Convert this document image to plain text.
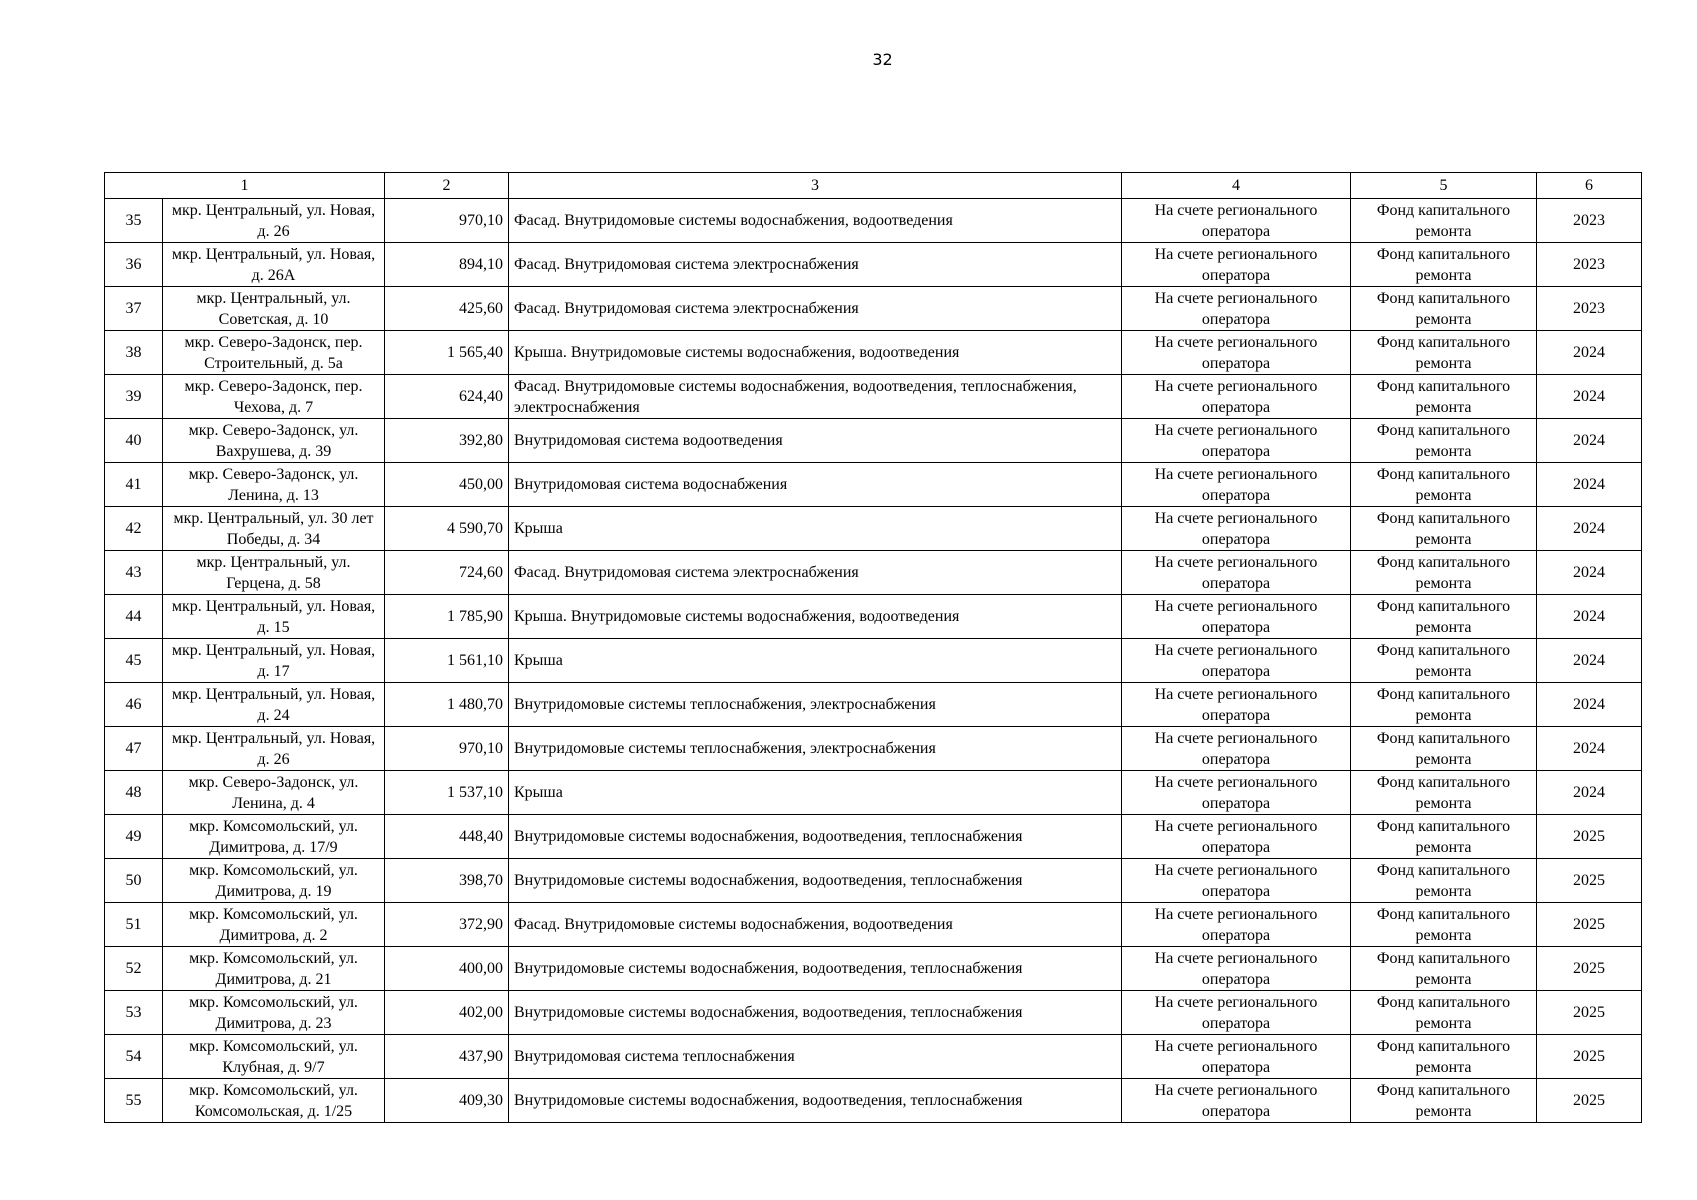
32
1		2	3	4	5	6
35	мкр. Центральный, ул. Новая, д. 26	970,10	Фасад. Внутридомовые системы водоснабжения, водоотведения	На счете регионального оператора	Фонд капитального ремонта	2023
36	мкр. Центральный, ул. Новая, д. 26А	894,10	Фасад. Внутридомовая система электроснабжения	На счете регионального оператора	Фонд капитального ремонта	2023
37	мкр. Центральный, ул. Советская, д. 10	425,60	Фасад. Внутридомовая система электроснабжения	На счете регионального оператора	Фонд капитального ремонта	2023
38	мкр. Северо-Задонск, пер. Строительный, д. 5а	1 565,40	Крыша. Внутридомовые системы водоснабжения, водоотведения	На счете регионального оператора	Фонд капитального ремонта	2024
39	мкр. Северо-Задонск, пер. Чехова, д. 7	624,40	Фасад. Внутридомовые системы водоснабжения, водоотведения, теплоснабжения, электроснабжения	На счете регионального оператора	Фонд капитального ремонта	2024
40	мкр. Северо-Задонск, ул. Вахрушева, д. 39	392,80	Внутридомовая система водоотведения	На счете регионального оператора	Фонд капитального ремонта	2024
41	мкр. Северо-Задонск, ул. Ленина, д. 13	450,00	Внутридомовая система водоснабжения	На счете регионального оператора	Фонд капитального ремонта	2024
42	мкр. Центральный, ул. 30 лет Победы, д. 34	4 590,70	Крыша	На счете регионального оператора	Фонд капитального ремонта	2024
43	мкр. Центральный, ул. Герцена, д. 58	724,60	Фасад. Внутридомовая система электроснабжения	На счете регионального оператора	Фонд капитального ремонта	2024
44	мкр. Центральный, ул. Новая, д. 15	1 785,90	Крыша. Внутридомовые системы водоснабжения, водоотведения	На счете регионального оператора	Фонд капитального ремонта	2024
45	мкр. Центральный, ул. Новая, д. 17	1 561,10	Крыша	На счете регионального оператора	Фонд капитального ремонта	2024
46	мкр. Центральный, ул. Новая, д. 24	1 480,70	Внутридомовые системы теплоснабжения, электроснабжения	На счете регионального оператора	Фонд капитального ремонта	2024
47	мкр. Центральный, ул. Новая, д. 26	970,10	Внутридомовые системы теплоснабжения, электроснабжения	На счете регионального оператора	Фонд капитального ремонта	2024
48	мкр. Северо-Задонск, ул. Ленина, д. 4	1 537,10	Крыша	На счете регионального оператора	Фонд капитального ремонта	2024
49	мкр. Комсомольский, ул. Димитрова, д. 17/9	448,40	Внутридомовые системы водоснабжения, водоотведения, теплоснабжения	На счете регионального оператора	Фонд капитального ремонта	2025
50	мкр. Комсомольский, ул. Димитрова, д. 19	398,70	Внутридомовые системы водоснабжения, водоотведения, теплоснабжения	На счете регионального оператора	Фонд капитального ремонта	2025
51	мкр. Комсомольский, ул. Димитрова, д. 2	372,90	Фасад. Внутридомовые системы водоснабжения, водоотведения	На счете регионального оператора	Фонд капитального ремонта	2025
52	мкр. Комсомольский, ул. Димитрова, д. 21	400,00	Внутридомовые системы водоснабжения, водоотведения, теплоснабжения	На счете регионального оператора	Фонд капитального ремонта	2025
53	мкр. Комсомольский, ул. Димитрова, д. 23	402,00	Внутридомовые системы водоснабжения, водоотведения, теплоснабжения	На счете регионального оператора	Фонд капитального ремонта	2025
54	мкр. Комсомольский, ул. Клубная, д. 9/7	437,90	Внутридомовая система теплоснабжения	На счете регионального оператора	Фонд капитального ремонта	2025
55	мкр. Комсомольский, ул. Комсомольская, д. 1/25	409,30	Внутридомовые системы водоснабжения, водоотведения, теплоснабжения	На счете регионального оператора	Фонд капитального ремонта	2025
